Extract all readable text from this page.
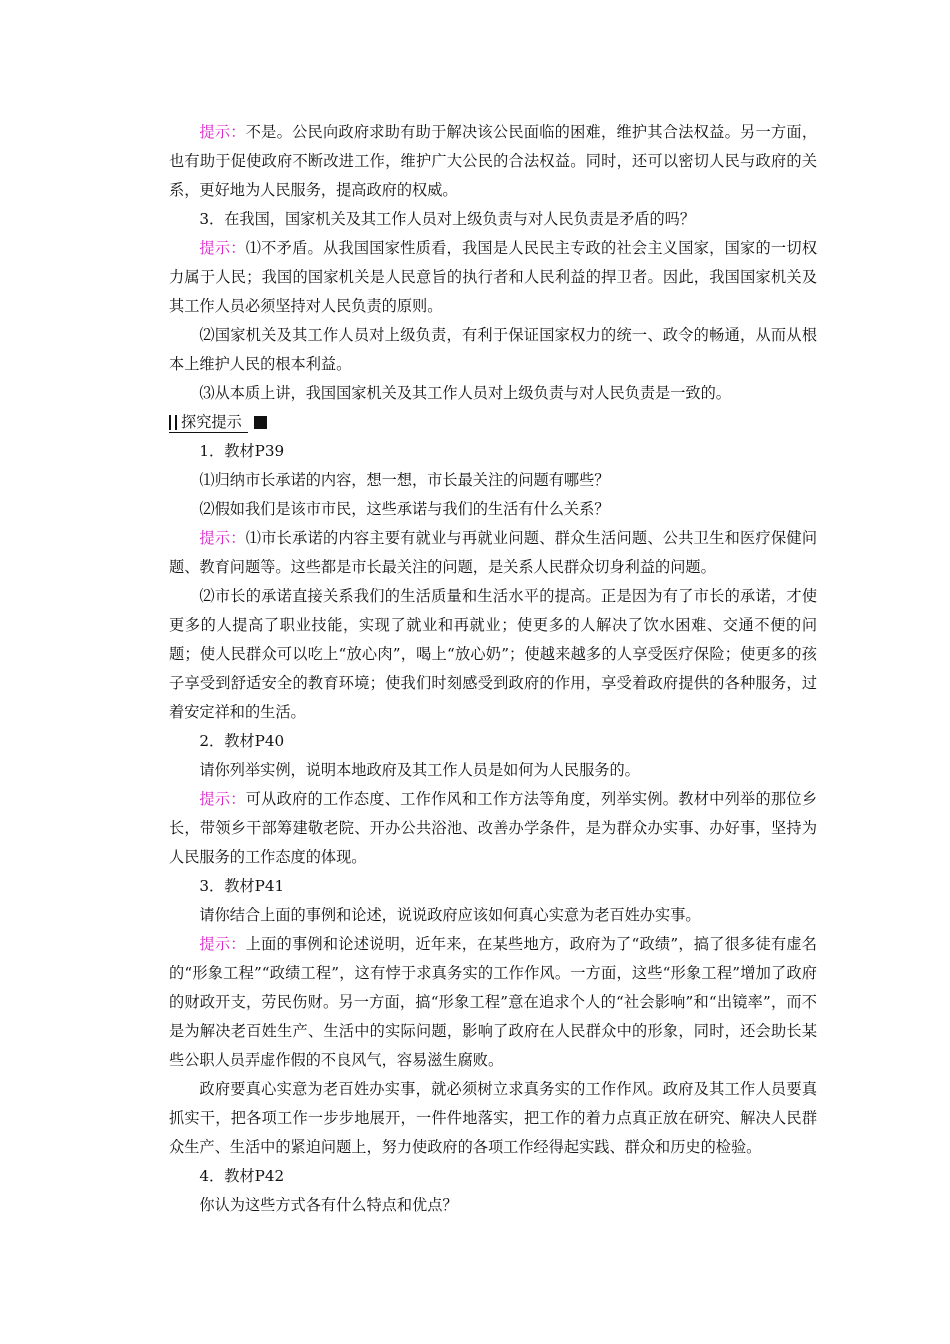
提示：不是。公民向政府求助有助于解决该公民面临的困难，维护其合法权益。另一方面，也有助于促使政府不断改进工作，维护广大公民的合法权益。同时，还可以密切人民与政府的关系，更好地为人民服务，提高政府的权威。

3．在我国，国家机关及其工作人员对上级负责与对人民负责是矛盾的吗？

提示：⑴不矛盾。从我国国家性质看，我国是人民民主专政的社会主义国家，国家的一切权力属于人民；我国的国家机关是人民意旨的执行者和人民利益的捍卫者。因此，我国国家机关及其工作人员必须坚持对人民负责的原则。

⑵国家机关及其工作人员对上级负责，有利于保证国家权力的统一、政令的畅通，从而从根本上维护人民的根本利益。

⑶从本质上讲，我国国家机关及其工作人员对上级负责与对人民负责是一致的。

探究提示

1．教材P39

⑴归纳市长承诺的内容，想一想，市长最关注的问题有哪些？

⑵假如我们是该市市民，这些承诺与我们的生活有什么关系？

提示：⑴市长承诺的内容主要有就业与再就业问题、群众生活问题、公共卫生和医疗保健问题、教育问题等。这些都是市长最关注的问题，是关系人民群众切身利益的问题。

⑵市长的承诺直接关系我们的生活质量和生活水平的提高。正是因为有了市长的承诺，才使更多的人提高了职业技能，实现了就业和再就业；使更多的人解决了饮水困难、交通不便的问题；使人民群众可以吃上“放心肉”，喝上“放心奶”；使越来越多的人享受医疗保险；使更多的孩子享受到舒适安全的教育环境；使我们时刻感受到政府的作用，享受着政府提供的各种服务，过着安定祥和的生活。

2．教材P40

请你列举实例，说明本地政府及其工作人员是如何为人民服务的。

提示：可从政府的工作态度、工作作风和工作方法等角度，列举实例。教材中列举的那位乡长，带领乡干部筹建敬老院、开办公共浴池、改善办学条件，是为群众办实事、办好事，坚持为人民服务的工作态度的体现。

3．教材P41

请你结合上面的事例和论述，说说政府应该如何真心实意为老百姓办实事。

提示：上面的事例和论述说明，近年来，在某些地方，政府为了“政绩”，搞了很多徒有虚名的“形象工程”“政绩工程”，这有悖于求真务实的工作作风。一方面，这些“形象工程”增加了政府的财政开支，劳民伤财。另一方面，搞“形象工程”意在追求个人的“社会影响”和“出镜率”，而不是为解决老百姓生产、生活中的实际问题，影响了政府在人民群众中的形象，同时，还会助长某些公职人员弄虚作假的不良风气，容易滋生腐败。

政府要真心实意为老百姓办实事，就必须树立求真务实的工作作风。政府及其工作人员要真抓实干，把各项工作一步步地展开，一件件地落实，把工作的着力点真正放在研究、解决人民群众生产、生活中的紧迫问题上，努力使政府的各项工作经得起实践、群众和历史的检验。

4．教材P42

你认为这些方式各有什么特点和优点？
